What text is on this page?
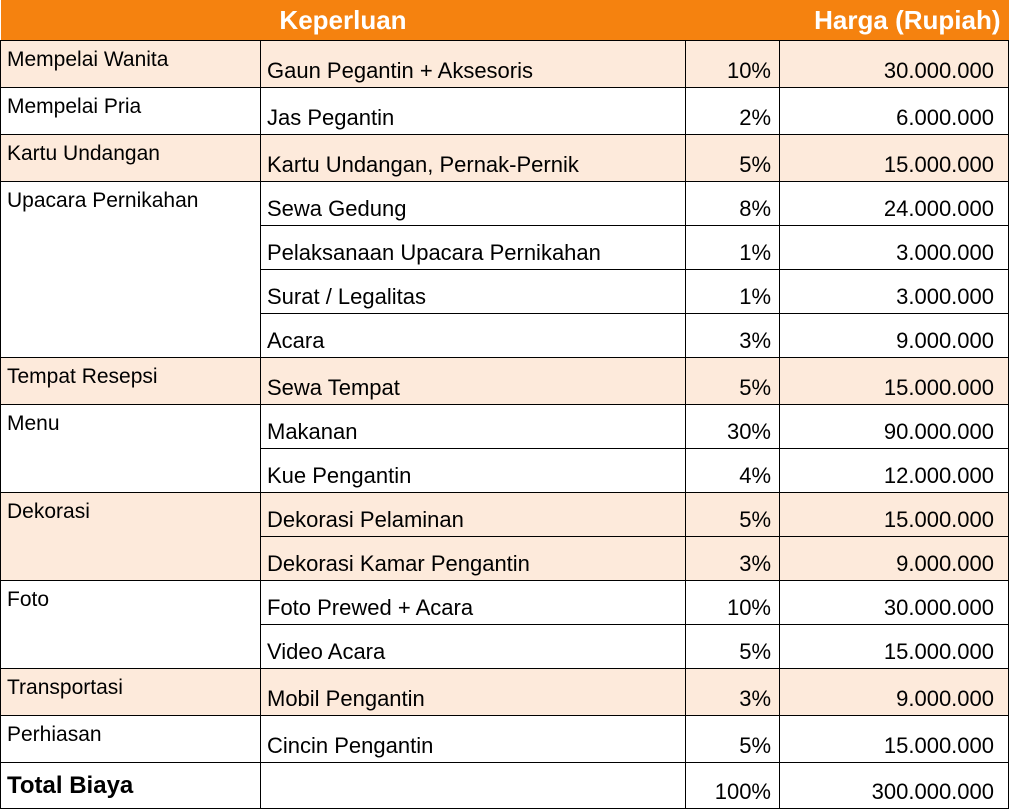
Keperluan		Harga (Rupiah)	
Mempelai Wanita	Gaun Pegantin + Aksesoris	10%	30.000.000
Mempelai Pria	Jas Pegantin	2%	6.000.000
Kartu Undangan	Kartu Undangan, Pernak-Pernik	5%	15.000.000
Upacara Pernikahan	Sewa Gedung	8%	24.000.000
	Pelaksanaan Upacara Pernikahan	1%	3.000.000
	Surat / Legalitas	1%	3.000.000
	Acara	3%	9.000.000
Tempat Resepsi	Sewa Tempat	5%	15.000.000
Menu	Makanan	30%	90.000.000
	Kue Pengantin	4%	12.000.000
Dekorasi	Dekorasi Pelaminan	5%	15.000.000
	Dekorasi Kamar Pengantin	3%	9.000.000
Foto	Foto Prewed + Acara	10%	30.000.000
	Video Acara	5%	15.000.000
Transportasi	Mobil Pengantin	3%	9.000.000
Perhiasan	Cincin Pengantin	5%	15.000.000
Total Biaya		100%	300.000.000
